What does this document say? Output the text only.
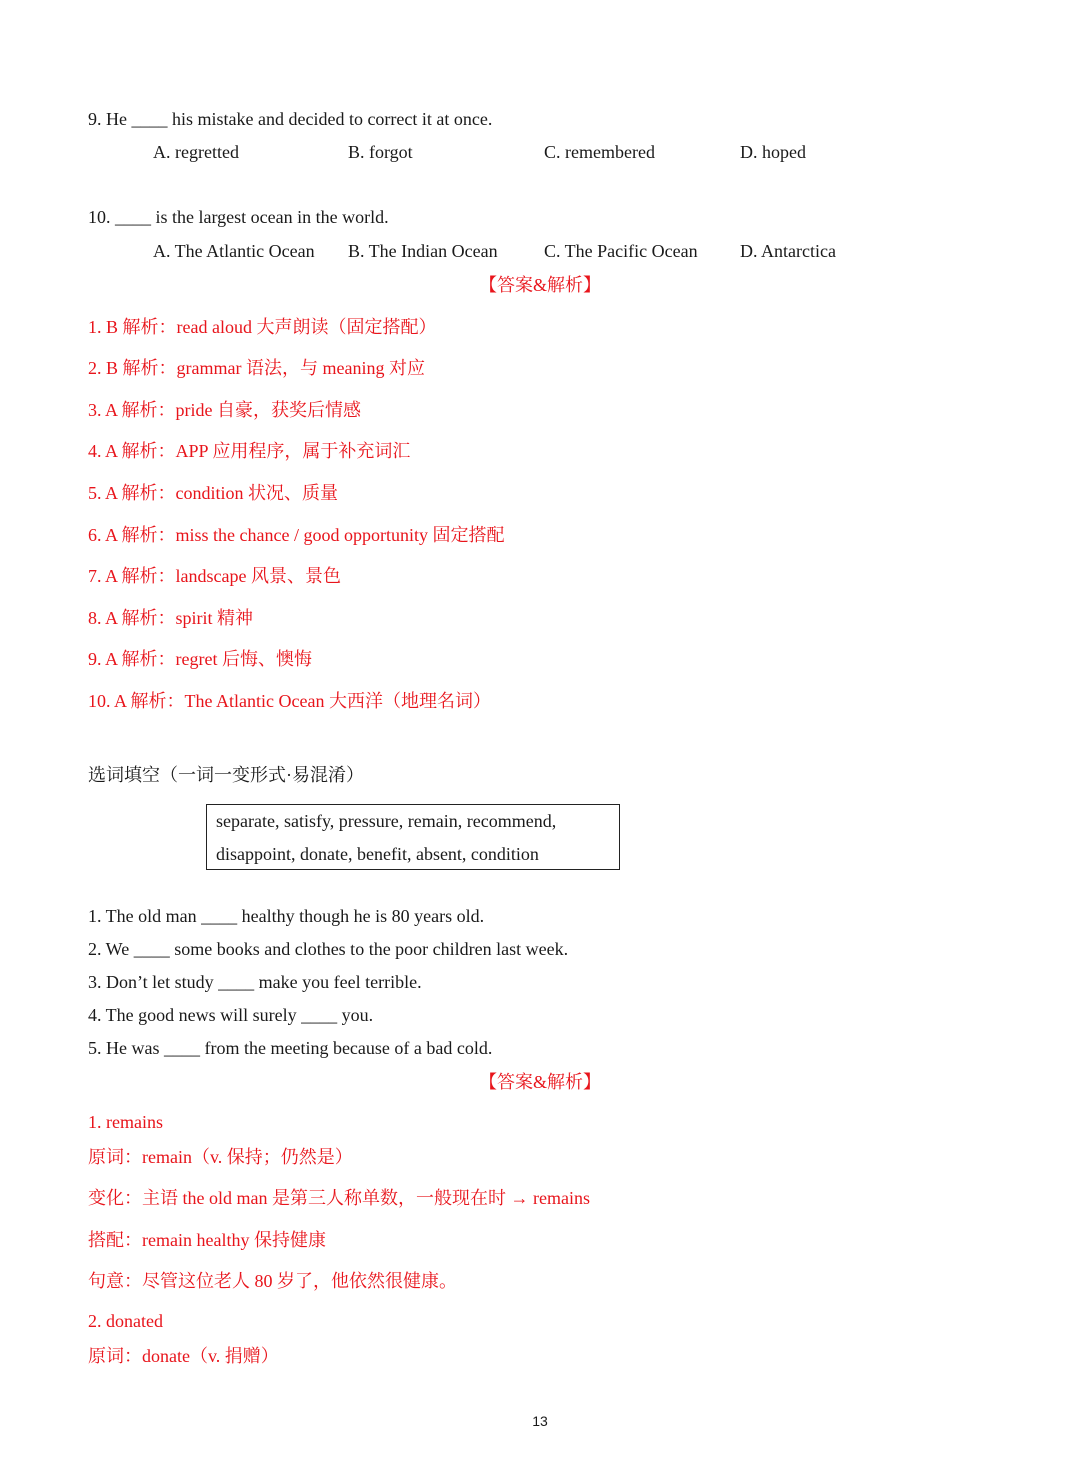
9. He ____ his mistake and decided to correct it at once.
A. regretted	B. forgot	C. remembered	D. hoped
10. ____ is the largest ocean in the world.
A. The Atlantic Ocean B. The Indian Ocean	C. The Pacific Ocean D. Antarctica
【答案&解析】
1. B 解析：read aloud 大声朗读（固定搭配）
2. B 解析：grammar 语法，与 meaning 对应
3. A 解析：pride 自豪，获奖后情感
4. A 解析：APP 应用程序，属于补充词汇
5. A 解析：condition 状况、质量
6. A 解析：miss the chance / good opportunity 固定搭配
7. A 解析：landscape 风景、景色
8. A 解析：spirit 精神
9. A 解析：regret 后悔、懊悔
10. A 解析：The Atlantic Ocean 大西洋（地理名词）
选词填空（一词一变形式·易混淆）
separate, satisfy, pressure, remain, recommend,
disappoint, donate, benefit, absent, condition
1. The old man ____ healthy though he is 80 years old.
2. We ____ some books and clothes to the poor children last week.
3. Don’t let study ____ make you feel terrible.
4. The good news will surely ____ you.
5. He was ____ from the meeting because of a bad cold.
【答案&解析】
1. remains
原词：remain（v. 保持；仍然是）
变化：主语 the old man 是第三人称单数，一般现在时 → remains
搭配：remain healthy 保持健康
句意：尽管这位老人 80 岁了，他依然很健康。
2. donated
原词：donate（v. 捐赠）
13
